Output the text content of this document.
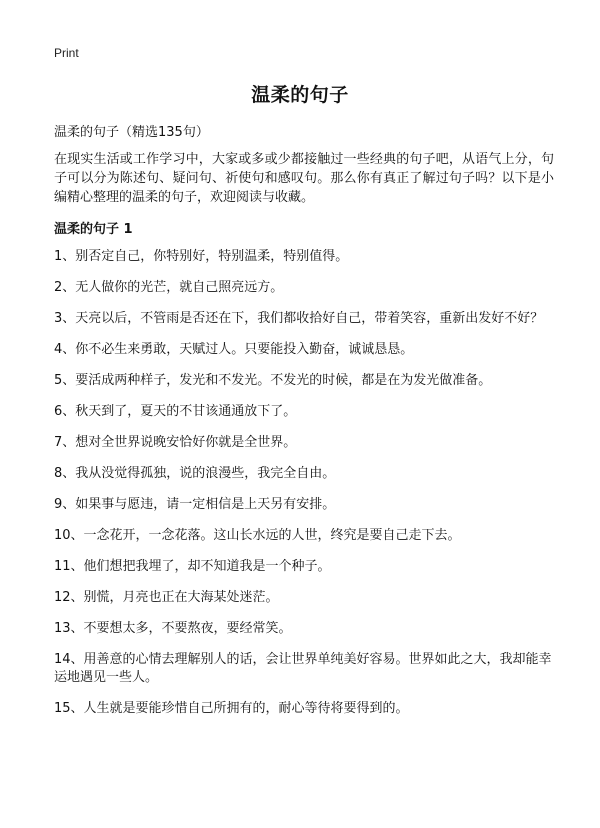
Print
温柔的句子
温柔的句子（精选135句）
在现实生活或工作学习中，大家或多或少都接触过一些经典的句子吧，从语气上分，句子可以分为陈述句、疑问句、祈使句和感叹句。那么你有真正了解过句子吗？以下是小编精心整理的温柔的句子，欢迎阅读与收藏。
温柔的句子 1
1、别否定自己，你特别好，特别温柔，特别值得。
2、无人做你的光芒，就自己照亮远方。
3、天亮以后，不管雨是否还在下，我们都收拾好自己，带着笑容，重新出发好不好？
4、你不必生来勇敢，天赋过人。只要能投入勤奋，诚诚恳恳。
5、要活成两种样子，发光和不发光。不发光的时候，都是在为发光做准备。
6、秋天到了，夏天的不甘该通通放下了。
7、想对全世界说晚安恰好你就是全世界。
8、我从没觉得孤独，说的浪漫些，我完全自由。
9、如果事与愿违，请一定相信是上天另有安排。
10、一念花开，一念花落。这山长水远的人世，终究是要自己走下去。
11、他们想把我埋了，却不知道我是一个种子。
12、别慌，月亮也正在大海某处迷茫。
13、不要想太多，不要熬夜，要经常笑。
14、用善意的心情去理解别人的话，会让世界单纯美好容易。世界如此之大，我却能幸运地遇见一些人。
15、人生就是要能珍惜自己所拥有的，耐心等待将要得到的。
